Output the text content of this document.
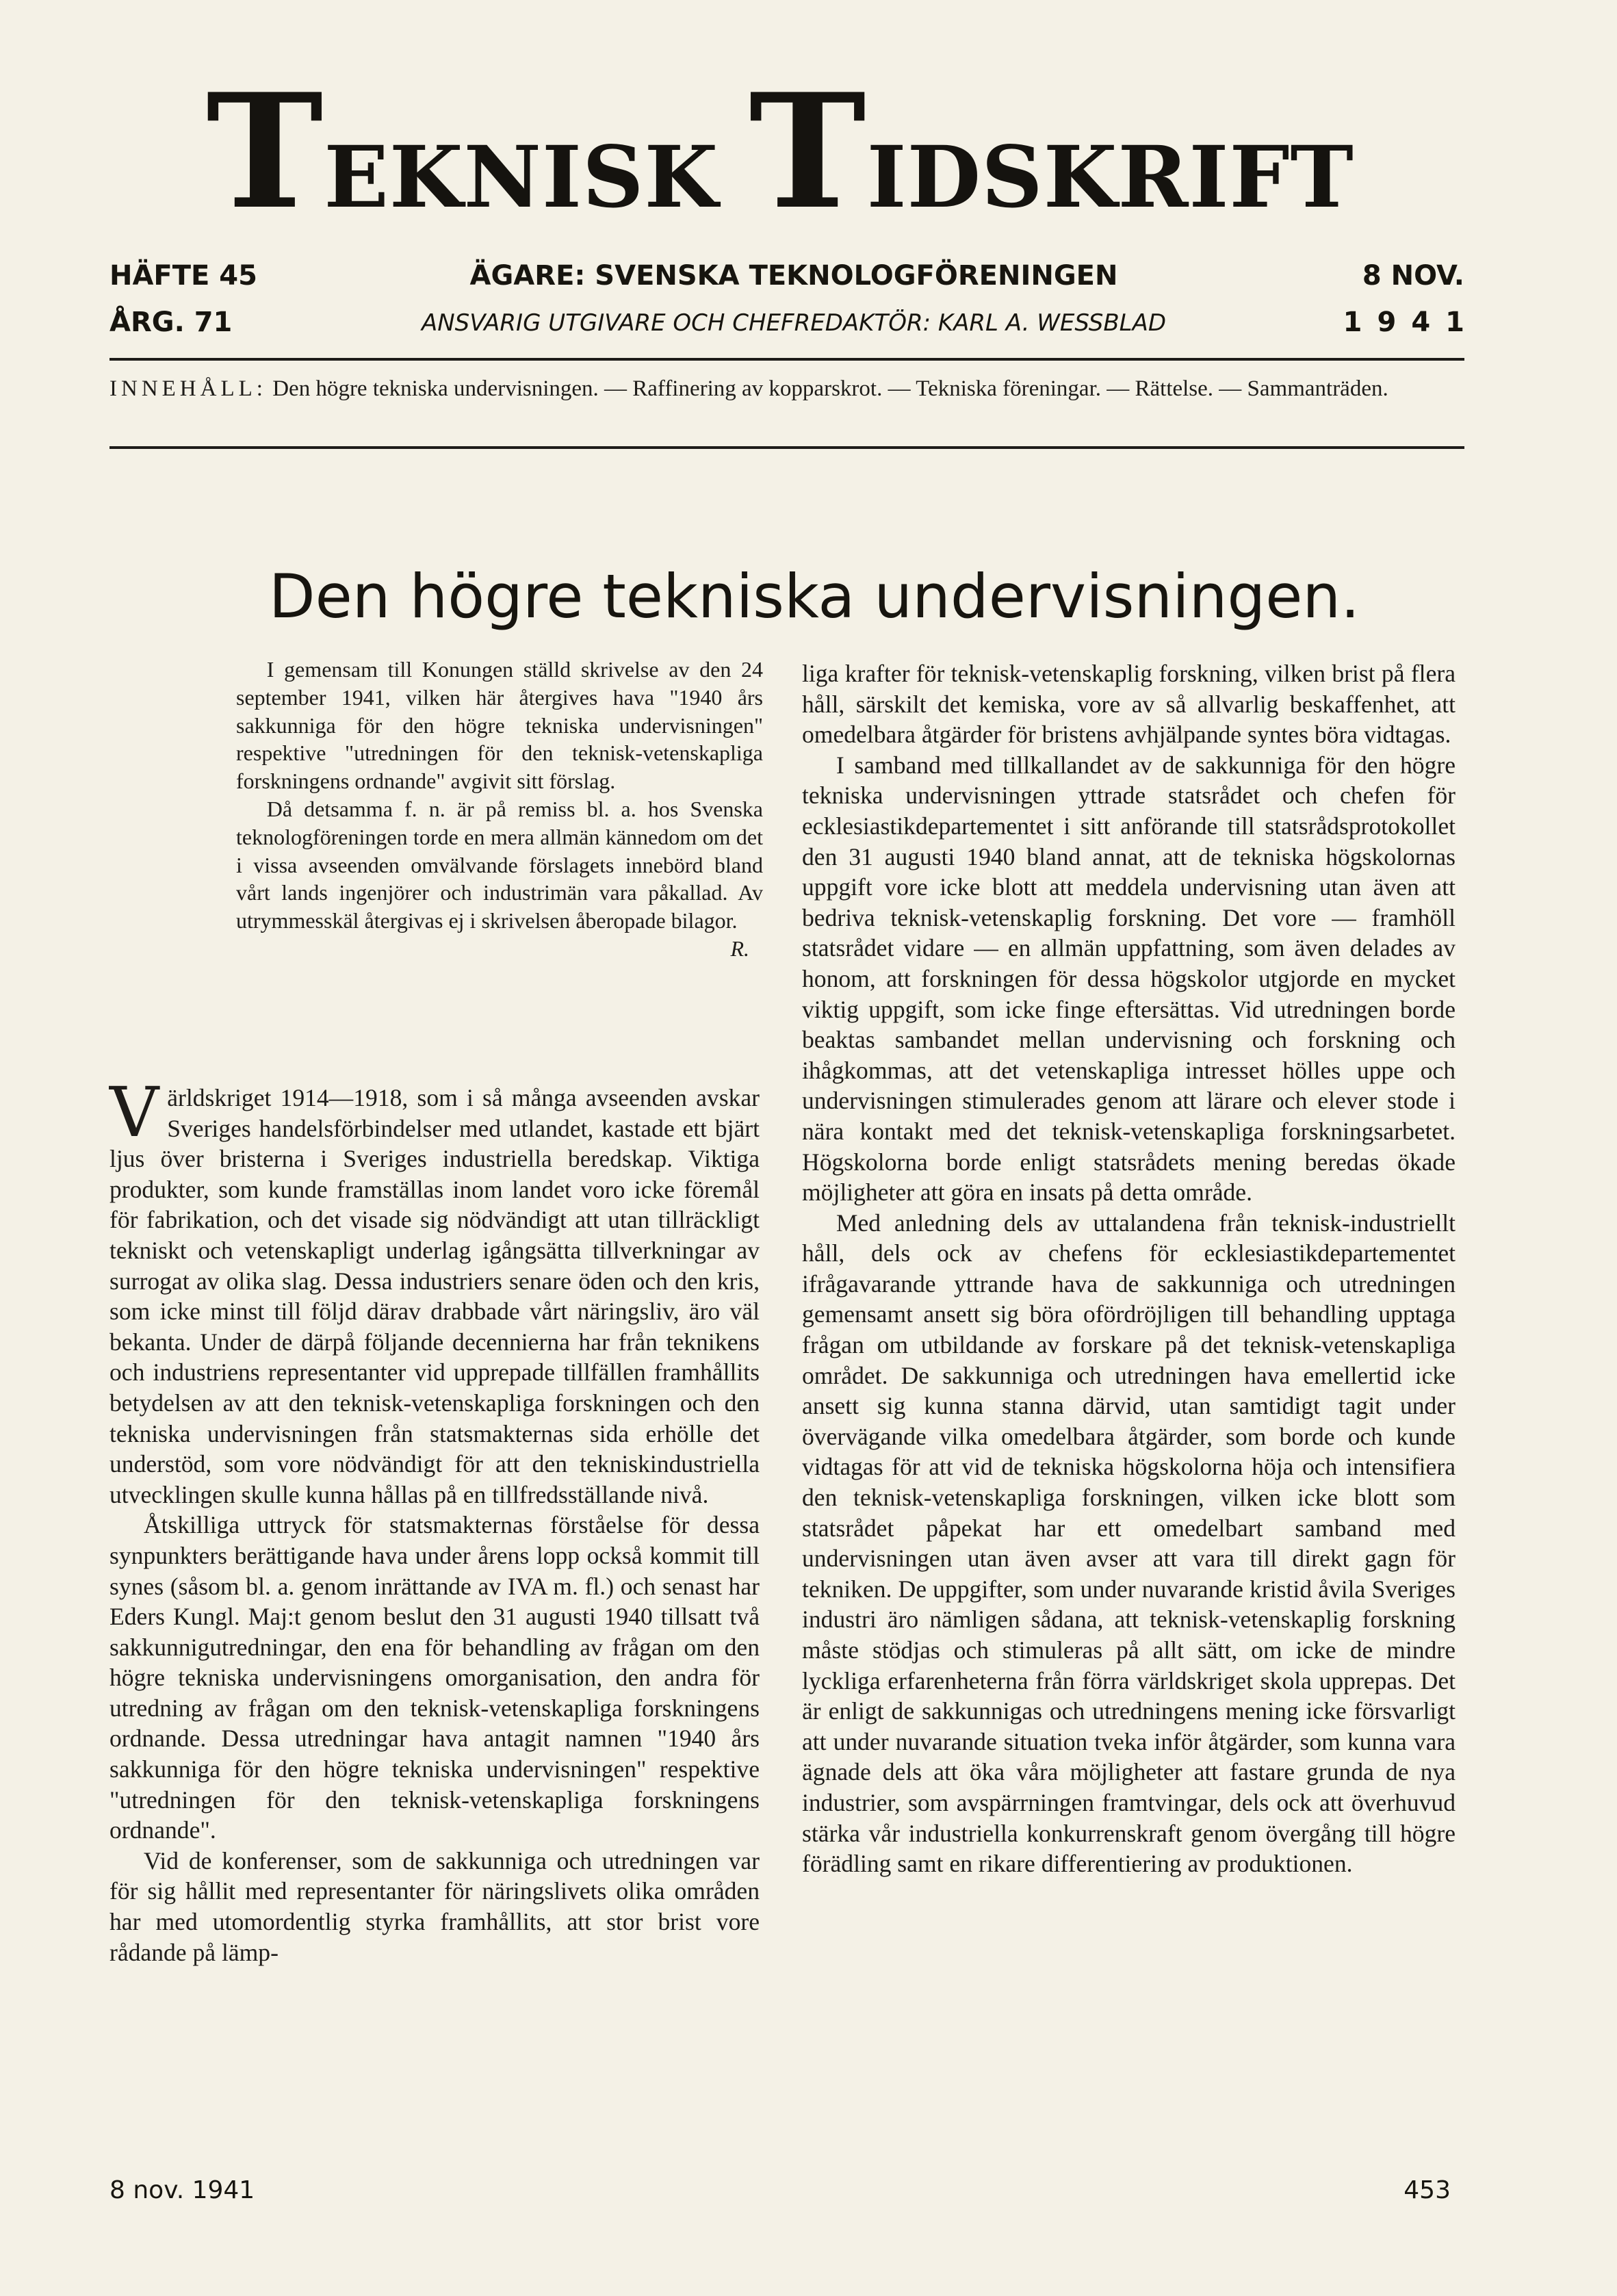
TEKNISK TIDSKRIFT
HÄFTE 45
ÅRG. 71
ÄGARE: SVENSKA TEKNOLOGFÖRENINGEN
ANSVARIG UTGIVARE OCH CHEFREDAKTÖR: KARL A. WESSBLAD
8 NOV.
1941
INNEHÅLL: Den högre tekniska undervisningen. — Raffinering av kopparskrot. — Tekniska föreningar. — Rättelse. — Sammanträden.
Den högre tekniska undervisningen.

I gemensam till Konungen ställd skrivelse av den 24 september 1941, vilken här återgives hava "1940 års sakkunniga för den högre tekniska undervisningen" respektive "utredningen för den teknisk-vetenskapliga forskningens ordnande" avgivit sitt förslag.

Då detsamma f. n. är på remiss bl. a. hos Svenska teknologföreningen torde en mera allmän kännedom om det i vissa avseenden omvälvande förslagets innebörd bland vårt lands ingenjörer och industrimän vara påkallad. Av utrymmesskäl återgivas ej i skrivelsen åberopade bilagor.

R.

Världskriget 1914—1918, som i så många avseenden avskar Sveriges handelsförbindelser med utlandet, kastade ett bjärt ljus över bristerna i Sveriges industriella beredskap. Viktiga produkter, som kunde framställas inom landet voro icke föremål för fabrikation, och det visade sig nödvändigt att utan tillräckligt tekniskt och vetenskapligt underlag igångsätta tillverkningar av surrogat av olika slag. Dessa industriers senare öden och den kris, som icke minst till följd därav drabbade vårt näringsliv, äro väl bekanta. Under de därpå följande decennierna har från teknikens och industriens representanter vid upprepade tillfällen framhållits betydelsen av att den teknisk-vetenskapliga forskningen och den tekniska undervisningen från statsmakternas sida erhölle det understöd, som vore nödvändigt för att den tekniskindustriella utvecklingen skulle kunna hållas på en tillfredsställande nivå.

Åtskilliga uttryck för statsmakternas förståelse för dessa synpunkters berättigande hava under årens lopp också kommit till synes (såsom bl. a. genom inrättande av IVA m. fl.) och senast har Eders Kungl. Maj:t genom beslut den 31 augusti 1940 tillsatt två sakkunnigutredningar, den ena för behandling av frågan om den högre tekniska undervisningens omorganisation, den andra för utredning av frågan om den teknisk-vetenskapliga forskningens ordnande. Dessa utredningar hava antagit namnen "1940 års sakkunniga för den högre tekniska undervisningen" respektive "utredningen för den teknisk-vetenskapliga forskningens ordnande".

Vid de konferenser, som de sakkunniga och utredningen var för sig hållit med representanter för näringslivets olika områden har med utomordentlig styrka framhållits, att stor brist vore rådande på lämp-

liga krafter för teknisk-vetenskaplig forskning, vilken brist på flera håll, särskilt det kemiska, vore av så allvarlig beskaffenhet, att omedelbara åtgärder för bristens avhjälpande syntes böra vidtagas.

I samband med tillkallandet av de sakkunniga för den högre tekniska undervisningen yttrade statsrådet och chefen för ecklesiastikdepartementet i sitt anförande till statsrådsprotokollet den 31 augusti 1940 bland annat, att de tekniska högskolornas uppgift vore icke blott att meddela undervisning utan även att bedriva teknisk-vetenskaplig forskning. Det vore — framhöll statsrådet vidare — en allmän uppfattning, som även delades av honom, att forskningen för dessa högskolor utgjorde en mycket viktig uppgift, som icke finge eftersättas. Vid utredningen borde beaktas sambandet mellan undervisning och forskning och ihågkommas, att det vetenskapliga intresset hölles uppe och undervisningen stimulerades genom att lärare och elever stode i nära kontakt med det teknisk-vetenskapliga forskningsarbetet. Högskolorna borde enligt statsrådets mening beredas ökade möjligheter att göra en insats på detta område.

Med anledning dels av uttalandena från teknisk-industriellt håll, dels ock av chefens för ecklesiastikdepartementet ifrågavarande yttrande hava de sakkunniga och utredningen gemensamt ansett sig böra ofördröjligen till behandling upptaga frågan om utbildande av forskare på det teknisk-vetenskapliga området. De sakkunniga och utredningen hava emellertid icke ansett sig kunna stanna därvid, utan samtidigt tagit under övervägande vilka omedelbara åtgärder, som borde och kunde vidtagas för att vid de tekniska högskolorna höja och intensifiera den teknisk-vetenskapliga forskningen, vilken icke blott som statsrådet påpekat har ett omedelbart samband med undervisningen utan även avser att vara till direkt gagn för tekniken. De uppgifter, som under nuvarande kristid åvila Sveriges industri äro nämligen sådana, att teknisk-vetenskaplig forskning måste stödjas och stimuleras på allt sätt, om icke de mindre lyckliga erfarenheterna från förra världskriget skola upprepas. Det är enligt de sakkunnigas och utredningens mening icke försvarligt att under nuvarande situation tveka inför åtgärder, som kunna vara ägnade dels att öka våra möjligheter att fastare grunda de nya industrier, som avspärrningen framtvingar, dels ock att överhuvud stärka vår industriella konkurrenskraft genom övergång till högre förädling samt en rikare differentiering av produktionen.

8 nov. 1941	453
